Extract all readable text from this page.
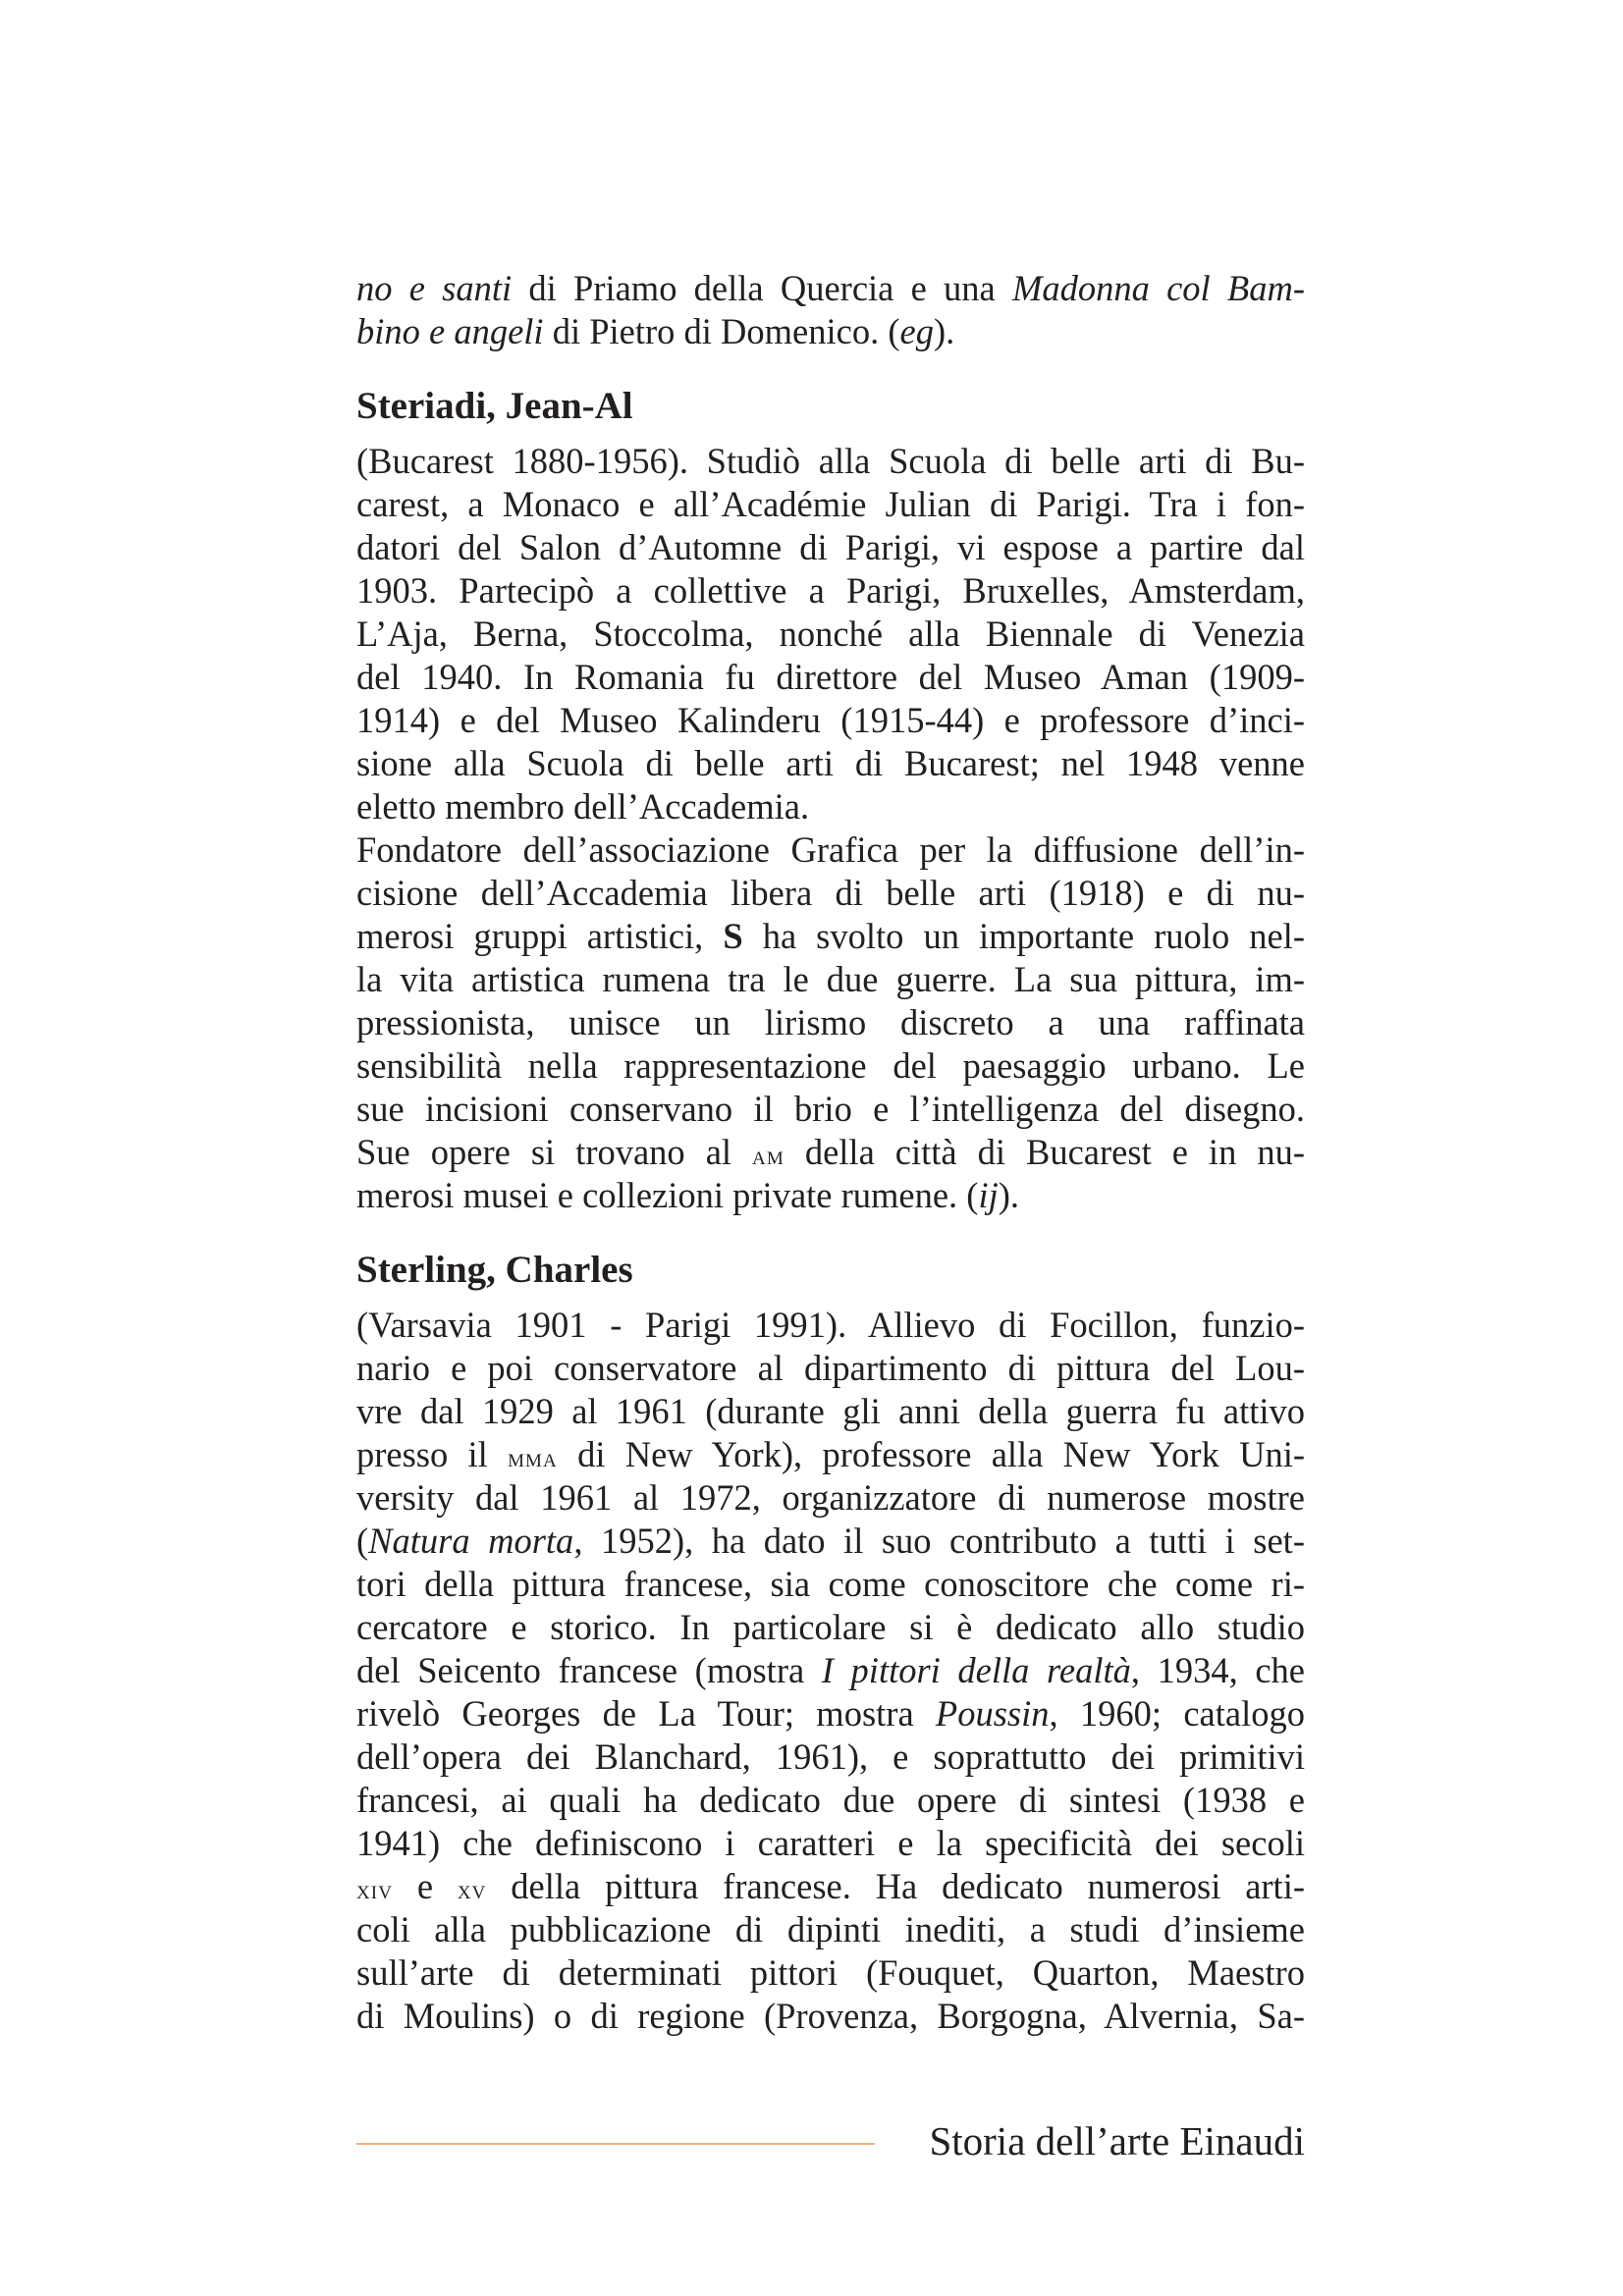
no e santi di Priamo della Quercia e una Madonna col Bam-
bino e angeli di Pietro di Domenico. (eg).
Steriadi, Jean-Al
(Bucarest 1880-1956). Studiò alla Scuola di belle arti di Bu-
carest, a Monaco e all’Académie Julian di Parigi. Tra i fon-
datori del Salon d’Automne di Parigi, vi espose a partire dal
1903. Partecipò a collettive a Parigi, Bruxelles, Amsterdam,
L’Aja, Berna, Stoccolma, nonché alla Biennale di Venezia
del 1940. In Romania fu direttore del Museo Aman (1909-
1914) e del Museo Kalinderu (1915-44) e professore d’inci-
sione alla Scuola di belle arti di Bucarest; nel 1948 venne
eletto membro dell’Accademia.
Fondatore dell’associazione Grafica per la diffusione dell’in-
cisione dell’Accademia libera di belle arti (1918) e di nu-
merosi gruppi artistici, S ha svolto un importante ruolo nel-
la vita artistica rumena tra le due guerre. La sua pittura, im-
pressionista, unisce un lirismo discreto a una raffinata
sensibilità nella rappresentazione del paesaggio urbano. Le
sue incisioni conservano il brio e l’intelligenza del disegno.
Sue opere si trovano al am della città di Bucarest e in nu-
merosi musei e collezioni private rumene. (ij).
Sterling, Charles
(Varsavia 1901 - Parigi 1991). Allievo di Focillon, funzio-
nario e poi conservatore al dipartimento di pittura del Lou-
vre dal 1929 al 1961 (durante gli anni della guerra fu attivo
presso il mma di New York), professore alla New York Uni-
versity dal 1961 al 1972, organizzatore di numerose mostre
(Natura morta, 1952), ha dato il suo contributo a tutti i set-
tori della pittura francese, sia come conoscitore che come ri-
cercatore e storico. In particolare si è dedicato allo studio
del Seicento francese (mostra I pittori della realtà, 1934, che
rivelò Georges de La Tour; mostra Poussin, 1960; catalogo
dell’opera dei Blanchard, 1961), e soprattutto dei primitivi
francesi, ai quali ha dedicato due opere di sintesi (1938 e
1941) che definiscono i caratteri e la specificità dei secoli
xiv e xv della pittura francese. Ha dedicato numerosi arti-
coli alla pubblicazione di dipinti inediti, a studi d’insieme
sull’arte di determinati pittori (Fouquet, Quarton, Maestro
di Moulins) o di regione (Provenza, Borgogna, Alvernia, Sa-
Storia dell’arte Einaudi
